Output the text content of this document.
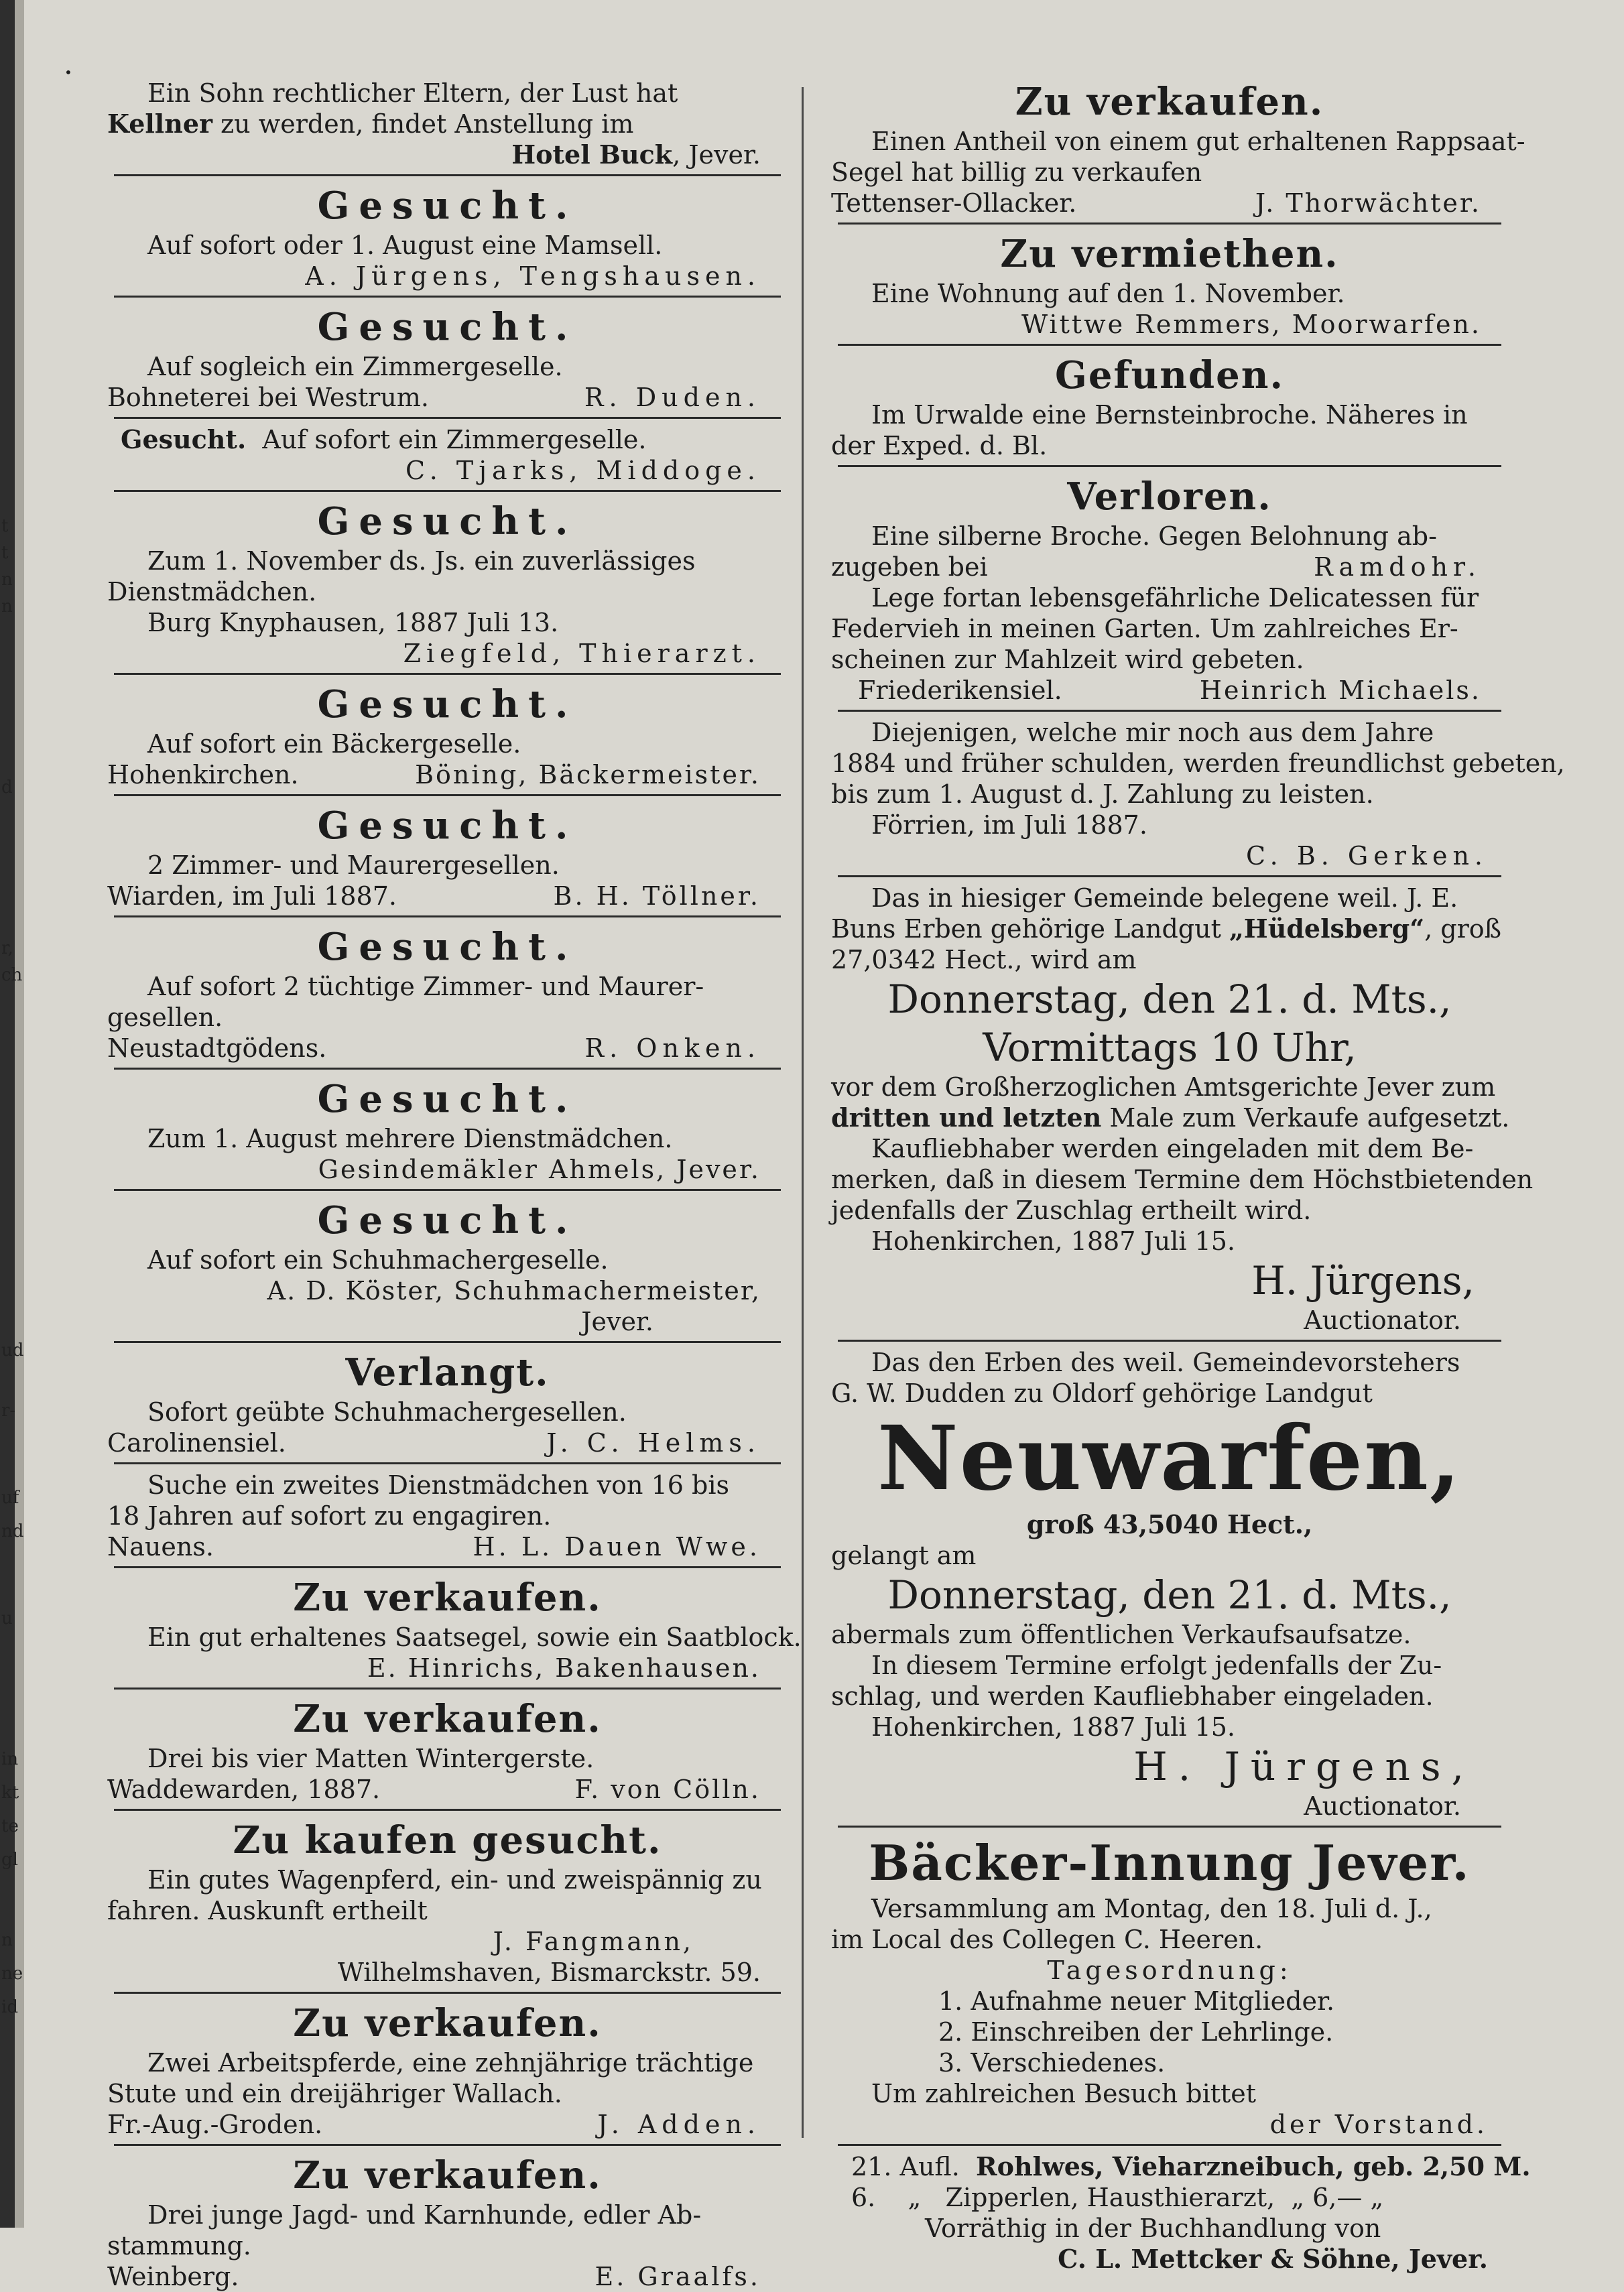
t
t
n
n
d
r,
ch
ud
r-
uf
nd
u
in
kt
te
gl
n
ne
id
•
Ein Sohn rechtlicher Eltern, der Lust hat
Kellner zu werden, findet Anstellung im
Hotel Buck, Jever.
Gesucht.
Auf sofort oder 1. August eine Mamsell.
A. Jürgens, Tengshausen.
Gesucht.
Auf sogleich ein Zimmergeselle.
Bohneterei bei Westrum.	R. Duden.
Gesucht. Auf sofort ein Zimmergeselle.
C. Tjarks, Middoge.
Gesucht.
Zum 1. November ds. Js. ein zuverlässiges
Dienstmädchen.
Burg Knyphausen, 1887 Juli 13.
Ziegfeld, Thierarzt.
Gesucht.
Auf sofort ein Bäckergeselle.
Hohenkirchen.	Böning, Bäckermeister.
Gesucht.
2 Zimmer- und Maurergesellen.
Wiarden, im Juli 1887.	B. H. Töllner.
Gesucht.
Auf sofort 2 tüchtige Zimmer- und Maurer-
gesellen.
Neustadtgödens.	R. Onken.
Gesucht.
Zum 1. August mehrere Dienstmädchen.
Gesindemäkler Ahmels, Jever.
Gesucht.
Auf sofort ein Schuhmachergeselle.
A. D. Köster, Schuhmachermeister,
Jever.
Verlangt.
Sofort geübte Schuhmachergesellen.
Carolinensiel.	J. C. Helms.
Suche ein zweites Dienstmädchen von 16 bis
18 Jahren auf sofort zu engagiren.
Nauens.	H. L. Dauen Wwe.
Zu verkaufen.
Ein gut erhaltenes Saatsegel, sowie ein Saatblock.
E. Hinrichs, Bakenhausen.
Zu verkaufen.
Drei bis vier Matten Wintergerste.
Waddewarden, 1887.	F. von Cölln.
Zu kaufen gesucht.
Ein gutes Wagenpferd, ein- und zweispännig zu
fahren. Auskunft ertheilt
J. Fangmann,
Wilhelmshaven, Bismarckstr. 59.
Zu verkaufen.
Zwei Arbeitspferde, eine zehnjährige trächtige
Stute und ein dreijähriger Wallach.
Fr.-Aug.-Groden.	J. Adden.
Zu verkaufen.
Drei junge Jagd- und Karnhunde, edler Ab-
stammung.
Weinberg.	E. Graalfs.
Zu verkaufen.
Einen Antheil von einem gut erhaltenen Rappsaat-
Segel hat billig zu verkaufen
Tettenser-Ollacker.	J. Thorwächter.
Zu vermiethen.
Eine Wohnung auf den 1. November.
Wittwe Remmers, Moorwarfen.
Gefunden.
Im Urwalde eine Bernsteinbroche. Näheres in
der Exped. d. Bl.
Verloren.
Eine silberne Broche. Gegen Belohnung ab-
zugeben bei	Ramdohr.
Lege fortan lebensgefährliche Delicatessen für
Federvieh in meinen Garten. Um zahlreiches Er-
scheinen zur Mahlzeit wird gebeten.
Friederikensiel.	Heinrich Michaels.
Diejenigen, welche mir noch aus dem Jahre
1884 und früher schulden, werden freundlichst gebeten,
bis zum 1. August d. J. Zahlung zu leisten.
Förrien, im Juli 1887.
C. B. Gerken.
Das in hiesiger Gemeinde belegene weil. J. E.
Buns Erben gehörige Landgut „Hüdelsberg“, groß
27,0342 Hect., wird am
Donnerstag, den 21. d. Mts.,
Vormittags 10 Uhr,
vor dem Großherzoglichen Amtsgerichte Jever zum
dritten und letzten Male zum Verkaufe aufgesetzt.
Kaufliebhaber werden eingeladen mit dem Be-
merken, daß in diesem Termine dem Höchstbietenden
jedenfalls der Zuschlag ertheilt wird.
Hohenkirchen, 1887 Juli 15.
H. Jürgens,
Auctionator.
Das den Erben des weil. Gemeindevorstehers
G. W. Dudden zu Oldorf gehörige Landgut
Neuwarfen,
groß 43,5040 Hect.,
gelangt am
Donnerstag, den 21. d. Mts.,
abermals zum öffentlichen Verkaufsaufsatze.
In diesem Termine erfolgt jedenfalls der Zu-
schlag, und werden Kaufliebhaber eingeladen.
Hohenkirchen, 1887 Juli 15.
H. Jürgens,
Auctionator.
Bäcker-Innung Jever.
Versammlung am Montag, den 18. Juli d. J.,
im Local des Collegen C. Heeren.
Tagesordnung:
1. Aufnahme neuer Mitglieder.
2. Einschreiben der Lehrlinge.
3. Verschiedenes.
Um zahlreichen Besuch bittet
der Vorstand.
21. Aufl. Rohlwes, Vieharzneibuch, geb. 2,50 M.
6. „ Zipperlen, Hausthierarzt, „ 6,— „
Vorräthig in der Buchhandlung von
C. L. Mettcker & Söhne, Jever.
